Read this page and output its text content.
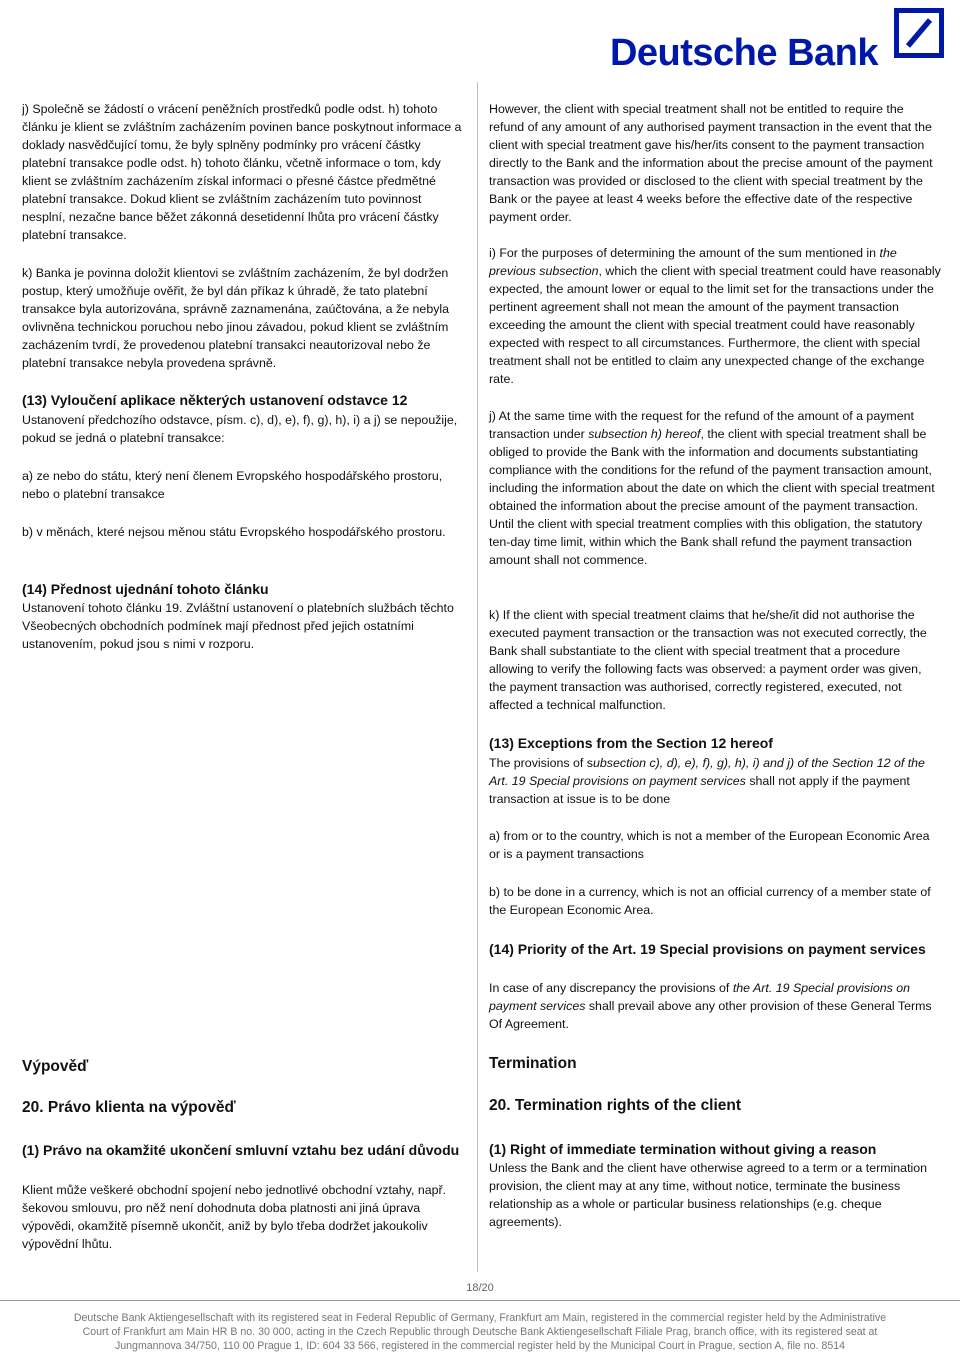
Deutsche Bank

j) Společně se žádostí o vrácení peněžních prostředků podle odst. h) tohoto článku je klient se zvláštním zacházením povinen bance poskytnout informace a doklady nasvědčující tomu, že byly splněny podmínky pro vrácení částky platební transakce podle odst. h) tohoto článku, včetně informace o tom, kdy klient se zvláštním zacházením získal informaci o přesné částce předmětné platební transakce. Dokud klient se zvláštním zacházením tuto povinnost nesplní, nezačne bance běžet zákonná desetidenní lhůta pro vrácení částky platební transakce.

k) Banka je povinna doložit klientovi se zvláštním zacházením, že byl dodržen postup, který umožňuje ověřit, že byl dán příkaz k úhradě, že tato platební transakce byla autorizována, správně zaznamenána, zaúčtována, a že nebyla ovlivněna technickou poruchou nebo jinou závadou, pokud klient se zvláštním zacházením tvrdí, že provedenou platební transakci neautorizoval nebo že platební transakce nebyla provedena správně.

(13) Vyloučení aplikace některých ustanovení odstavce 12

Ustanovení předchozího odstavce, písm. c), d), e), f), g), h), i) a j) se nepoužije, pokud se jedná o platební transakce:

a) ze nebo do státu, který není členem Evropského hospodářského prostoru, nebo o platební transakce

b) v měnách, které nejsou měnou státu Evropského hospodářského prostoru.

(14) Přednost ujednání tohoto článku

Ustanovení tohoto článku 19. Zvláštní ustanovení o platebních službách těchto Všeobecných obchodních podmínek mají přednost před jejich ostatními ustanovením, pokud jsou s nimi v rozporu.

Výpověď

20. Právo klienta na výpověď

(1) Právo na okamžité ukončení smluvní vztahu bez udání důvodu

Klient může veškeré obchodní spojení nebo jednotlivé obchodní vztahy, např. šekovou smlouvu, pro něž není dohodnuta doba platnosti ani jiná úprava výpovědi, okamžitě písemně ukončit, aniž by bylo třeba dodržet jakoukoliv výpovědní lhůtu.

However, the client with special treatment shall not be entitled to require the refund of any amount of any authorised payment transaction in the event that the client with special treatment gave his/her/its consent to the payment transaction directly to the Bank and the information about the precise amount of the payment transaction was provided or disclosed to the client with special treatment by the Bank or the payee at least 4 weeks before the effective date of the respective payment order.

i) For the purposes of determining the amount of the sum mentioned in the previous subsection, which the client with special treatment could have reasonably expected, the amount lower or equal to the limit set for the transactions under the pertinent agreement shall not mean the amount of the payment transaction exceeding the amount the client with special treatment could have reasonably expected with respect to all circumstances. Furthermore, the client with special treatment shall not be entitled to claim any unexpected change of the exchange rate.

j) At the same time with the request for the refund of the amount of a payment transaction under subsection h) hereof, the client with special treatment shall be obliged to provide the Bank with the information and documents substantiating compliance with the conditions for the refund of the payment transaction amount, including the information about the date on which the client with special treatment obtained the information about the precise amount of the payment transaction. Until the client with special treatment complies with this obligation, the statutory ten-day time limit, within which the Bank shall refund the payment transaction amount shall not commence.

k) If the client with special treatment claims that he/she/it did not authorise the executed payment transaction or the transaction was not executed correctly, the Bank shall substantiate to the client with special treatment that a procedure allowing to verify the following facts was observed: a payment order was given, the payment transaction was authorised, correctly registered, executed, not affected a technical malfunction.

(13) Exceptions from the Section 12 hereof

The provisions of subsection c), d), e), f), g), h), i) and j) of the Section 12 of the Art. 19 Special provisions on payment services shall not apply if the payment transaction at issue is to be done

a) from or to the country, which is not a member of the European Economic Area or is a payment transactions

b) to be done in a currency, which is not an official currency of a member state of the European Economic Area.

(14) Priority of the Art. 19 Special provisions on payment services

In case of any discrepancy the provisions of the Art. 19 Special provisions on payment services shall prevail above any other provision of these General Terms Of Agreement.

Termination

20. Termination rights of the client

(1) Right of immediate termination without giving a reason

Unless the Bank and the client have otherwise agreed to a term or a termination provision, the client may at any time, without notice, terminate the business relationship as a whole or particular business relationships (e.g. cheque agreements).

18/20

Deutsche Bank Aktiengesellschaft with its registered seat in Federal Republic of Germany, Frankfurt am Main, registered in the commercial register held by the Administrative

Court of Frankfurt am Main HR B no. 30 000, acting in the Czech Republic through Deutsche Bank Aktiengesellschaft Filiale Prag, branch office, with its registered seat at

Jungmannova 34/750, 110 00 Prague 1, ID: 604 33 566, registered in the commercial register held by the Municipal Court in Prague, section A, file no. 8514
